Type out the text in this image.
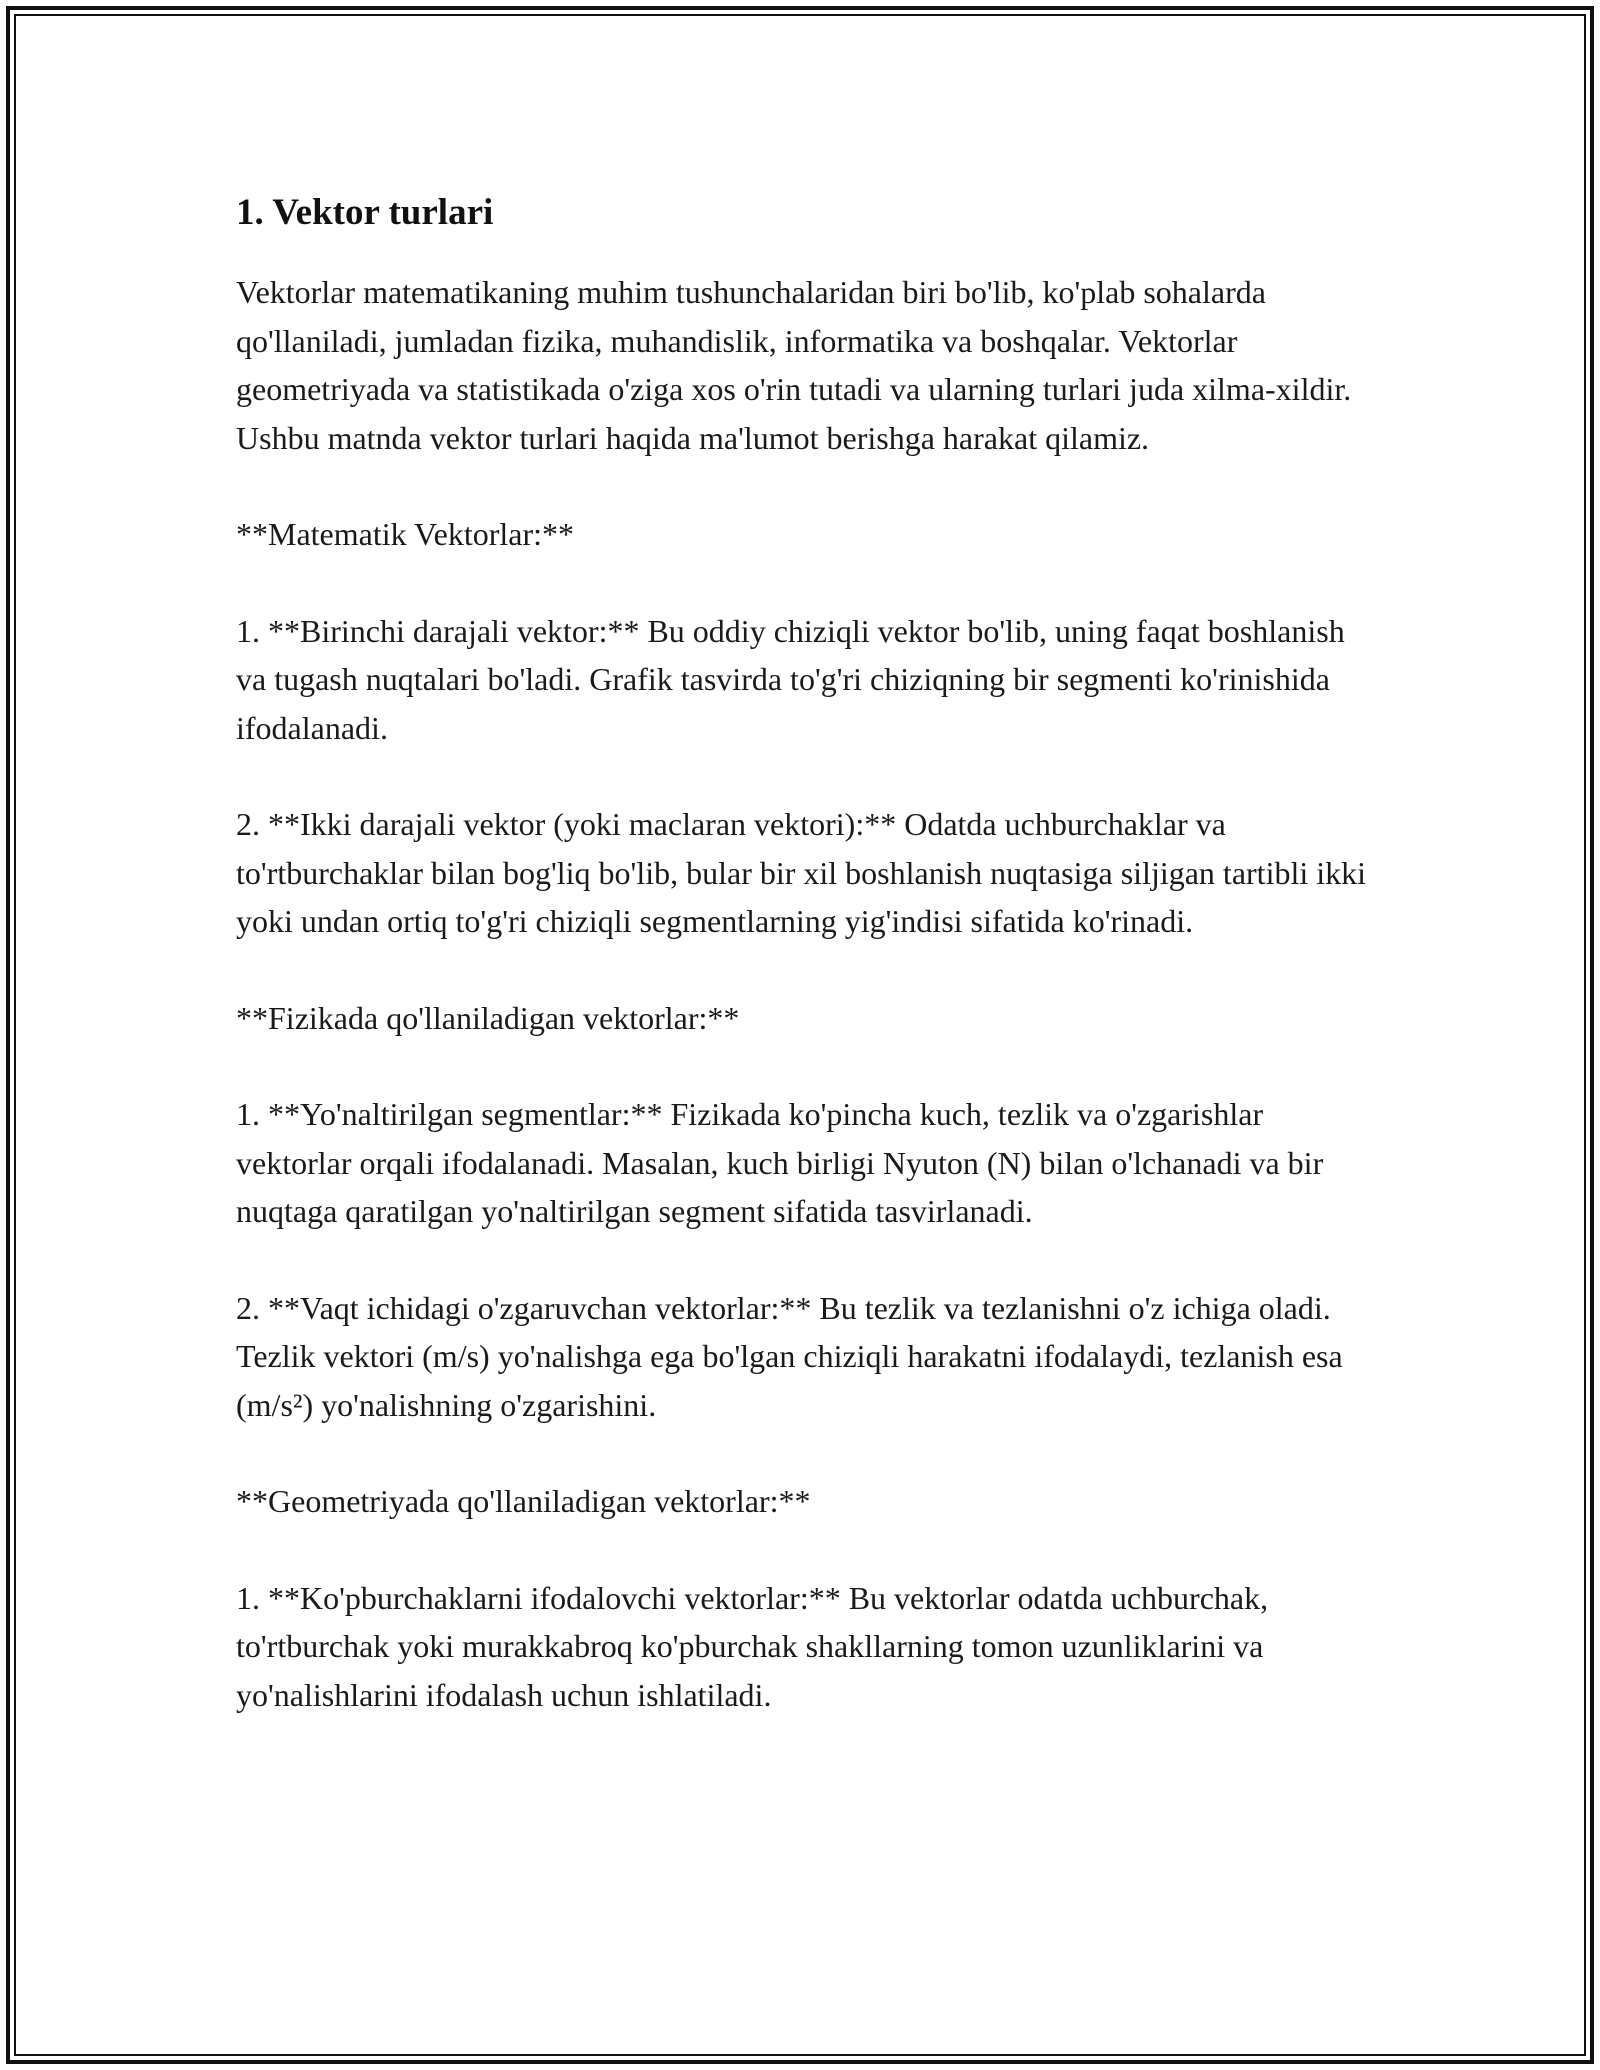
1. Vektor turlari

Vektorlar matematikaning muhim tushunchalaridan biri bo'lib, ko'plab sohalarda qo'llaniladi, jumladan fizika, muhandislik, informatika va boshqalar. Vektorlar geometriyada va statistikada o'ziga xos o'rin tutadi va ularning turlari juda xilma-xildir. Ushbu matnda vektor turlari haqida ma'lumot berishga harakat qilamiz.

**Matematik Vektorlar:**

1. **Birinchi darajali vektor:** Bu oddiy chiziqli vektor bo'lib, uning faqat boshlanish va tugash nuqtalari bo'ladi. Grafik tasvirda to'g'ri chiziqning bir segmenti ko'rinishida ifodalanadi.

2. **Ikki darajali vektor (yoki maclaran vektori):** Odatda uchburchaklar va to'rtburchaklar bilan bog'liq bo'lib, bular bir xil boshlanish nuqtasiga siljigan tartibli ikki yoki undan ortiq to'g'ri chiziqli segmentlarning yig'indisi sifatida ko'rinadi.

**Fizikada qo'llaniladigan vektorlar:**

1. **Yo'naltirilgan segmentlar:** Fizikada ko'pincha kuch, tezlik va o'zgarishlar vektorlar orqali ifodalanadi. Masalan, kuch birligi Nyuton (N) bilan o'lchanadi va bir nuqtaga qaratilgan yo'naltirilgan segment sifatida tasvirlanadi.

2. **Vaqt ichidagi o'zgaruvchan vektorlar:** Bu tezlik va tezlanishni o'z ichiga oladi. Tezlik vektori (m/s) yo'nalishga ega bo'lgan chiziqli harakatni ifodalaydi, tezlanish esa (m/s²) yo'nalishning o'zgarishini.

**Geometriyada qo'llaniladigan vektorlar:**

1. **Ko'pburchaklarni ifodalovchi vektorlar:** Bu vektorlar odatda uchburchak, to'rtburchak yoki murakkabroq ko'pburchak shakllarning tomon uzunliklarini va yo'nalishlarini ifodalash uchun ishlatiladi.
